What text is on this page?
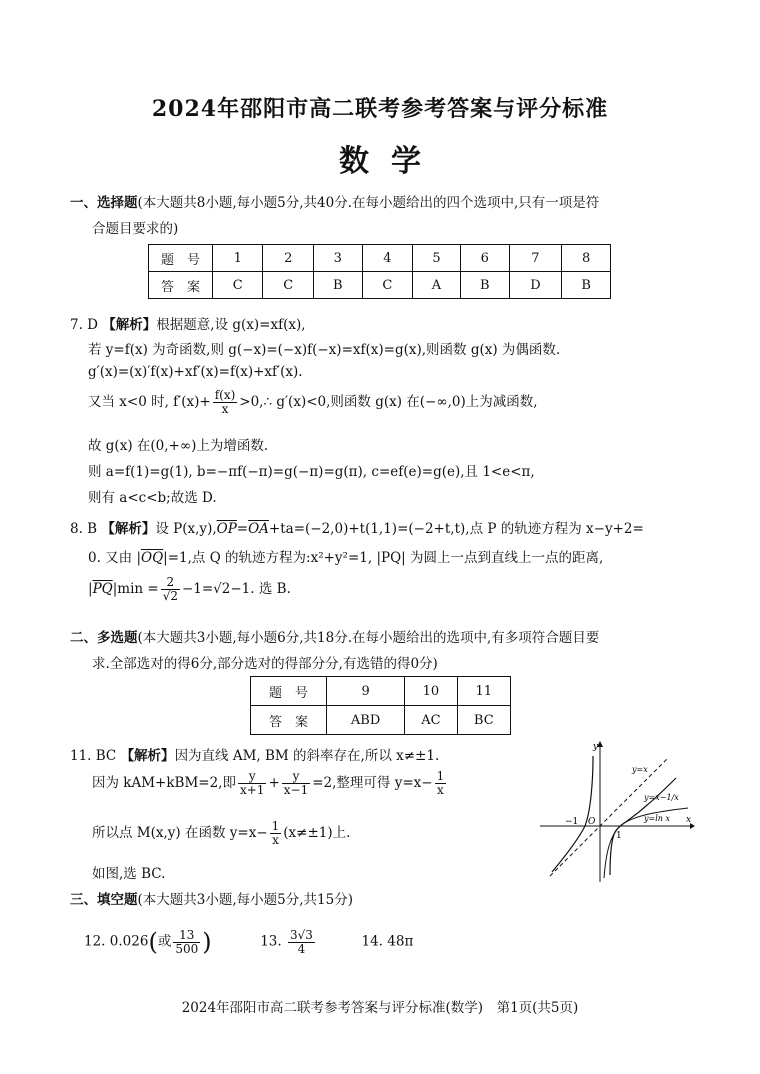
2024年邵阳市高二联考参考答案与评分标准
数学
一、选择题(本大题共8小题,每小题5分,共40分.在每小题给出的四个选项中,只有一项是符
合题目要求的)
题　号	1	2	3	4	5	6	7	8
答　案	C	C	B	C	A	B	D	B
7. D 【解析】根据题意,设 g(x)=xf(x),
若 y=f(x) 为奇函数,则 g(−x)=(−x)f(−x)=xf(x)=g(x),则函数 g(x) 为偶函数.
g′(x)=(x)′f(x)+xf′(x)=f(x)+xf′(x).
又当 x<0 时, $f'(x)+ \frac{f(x)}{x}$ >0,∴ g′(x)<0,则函数 g(x) 在(−∞,0)上为减函数,
故 g(x) 在(0,+∞)上为增函数.
则 a=f(1)=g(1), b=−πf(−π)=g(−π)=g(π), c=ef(e)=g(e),且 1<e<π,
则有 a<c<b;故选 D.
8. B 【解析】设 $P(x,y),\overline{OP}=\overline{OA}+ta=(-2,0)+t(1,1)=(-2+t,t)$,点 P 的轨迹方程为 x−y+2=
0. 又由 $|\overline{OQ}|=1$,点 Q 的轨迹方程为:x²+y²=1, |PQ| 为圆上一点到直线上一点的距离,
$|\overline{PQ}|\min = \frac{2}{√2} -1=√2-1$. 选 B.
二、多选题(本大题共3小题,每小题6分,共18分.在每小题给出的选项中,有多项符合题目要
求.全部选对的得6分,部分选对的得部分分,有选错的得0分)
题　号	9	10	11
答　案	ABD	AC	BC
11. BC 【解析】因为直线 AM, BM 的斜率存在,所以 x≠±1.
因为 kAM+kBM=2,即 $\frac{y}{x+1} + \frac{y}{x-1} =2$,整理可得 $y=x- \frac{1}{x}$
所以点 M(x,y) 在函数 $y=x- \frac{1}{x} (x\ne\pm 1)$上.
如图,选 BC.
y
x
O
−1
1
y=x
y=x−1/x
y=ln x
三、填空题(本大题共3小题,每小题5分,共15分)
12. 0.026(或 $\frac{13}{500}$ )	13. $\frac{3√3}{4}$	14. 48π
2024年邵阳市高二联考参考答案与评分标准(数学)　第1页(共5页)
